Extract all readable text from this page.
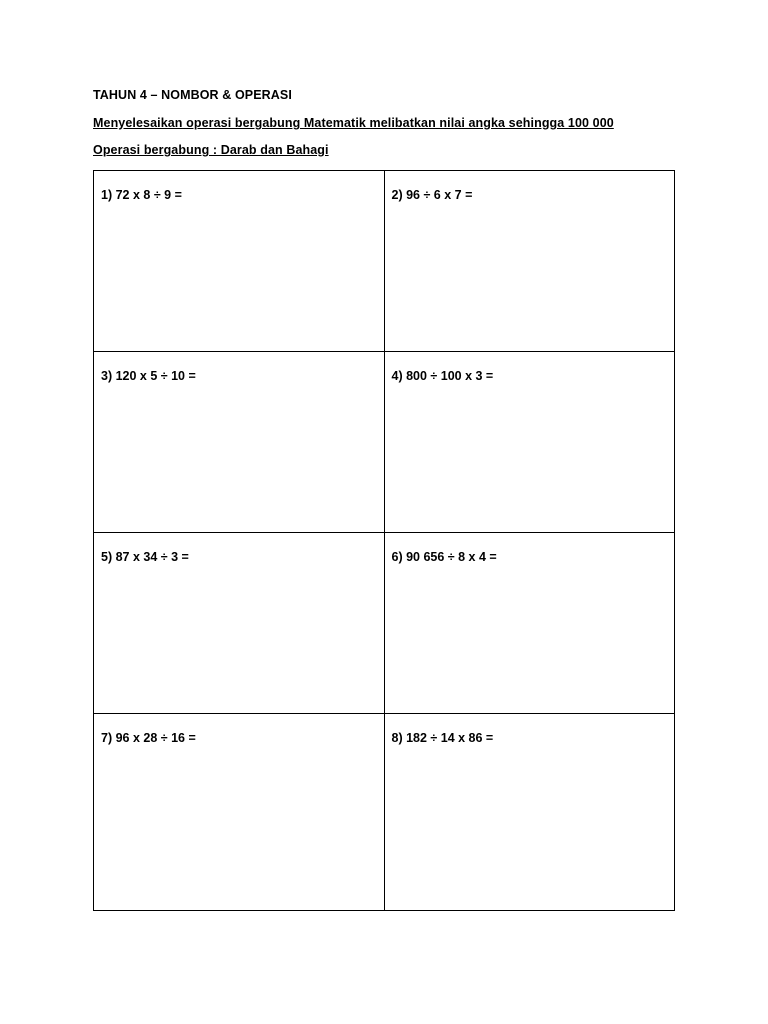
TAHUN 4 – NOMBOR & OPERASI
Menyelesaikan operasi bergabung Matematik melibatkan nilai angka sehingga 100 000
Operasi bergabung : Darab dan Bahagi
1) 72 x 8 ÷ 9 =	2) 96 ÷ 6 x 7 =

3) 120 x 5 ÷ 10 =	4) 800 ÷ 100 x 3 =

5) 87 x 34 ÷ 3 =	6) 90 656 ÷ 8 x 4 =

7) 96 x 28 ÷ 16 =	8) 182 ÷ 14 x 86 =
